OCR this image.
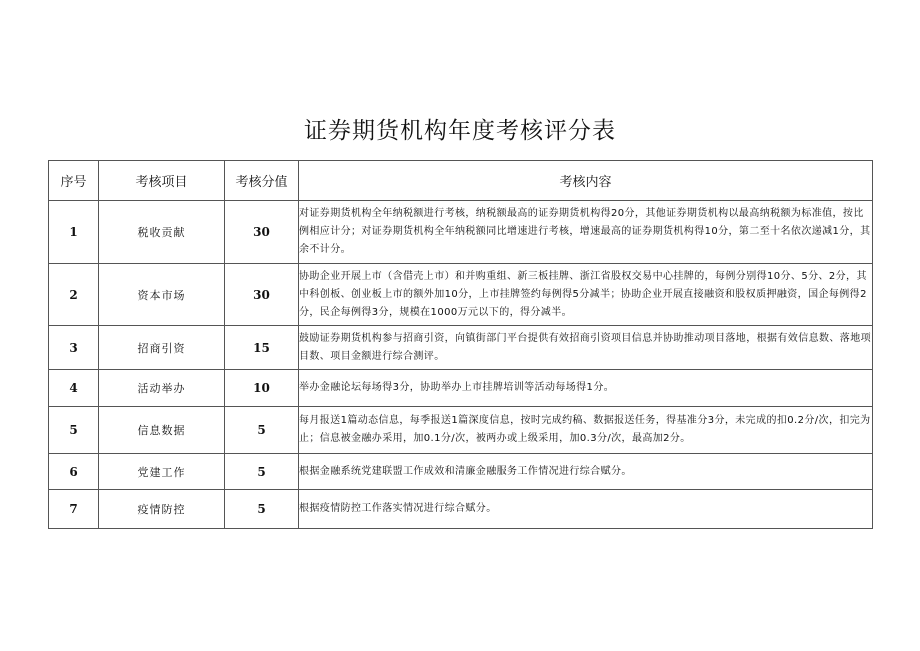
证券期货机构年度考核评分表
序号	考核项目	考核分值	考核内容
1	税收贡献	30	对证券期货机构全年纳税额进行考核，纳税额最高的证券期货机构得20分，其他证券期货机构以最高纳税额为标准值，按比例相应计分；对证券期货机构全年纳税额同比增速进行考核，增速最高的证券期货机构得10分，第二至十名依次递减1分，其余不计分。
2	资本市场	30	协助企业开展上市（含借壳上市）和并购重组、新三板挂牌、浙江省股权交易中心挂牌的，每例分别得10分、5分、2分，其中科创板、创业板上市的额外加10分，上市挂牌签约每例得5分减半；协助企业开展直接融资和股权质押融资，国企每例得2分，民企每例得3分，规模在1000万元以下的，得分减半。
3	招商引资	15	鼓励证券期货机构参与招商引资，向镇街部门平台提供有效招商引资项目信息并协助推动项目落地，根据有效信息数、落地项目数、项目金额进行综合测评。
4	活动举办	10	举办金融论坛每场得3分，协助举办上市挂牌培训等活动每场得1分。
5	信息数据	5	每月报送1篇动态信息，每季报送1篇深度信息，按时完成约稿、数据报送任务，得基准分3分，未完成的扣0.2分/次，扣完为止；信息被金融办采用，加0.1分/次，被两办或上级采用，加0.3分/次，最高加2分。
6	党建工作	5	根据金融系统党建联盟工作成效和清廉金融服务工作情况进行综合赋分。
7	疫情防控	5	根据疫情防控工作落实情况进行综合赋分。
